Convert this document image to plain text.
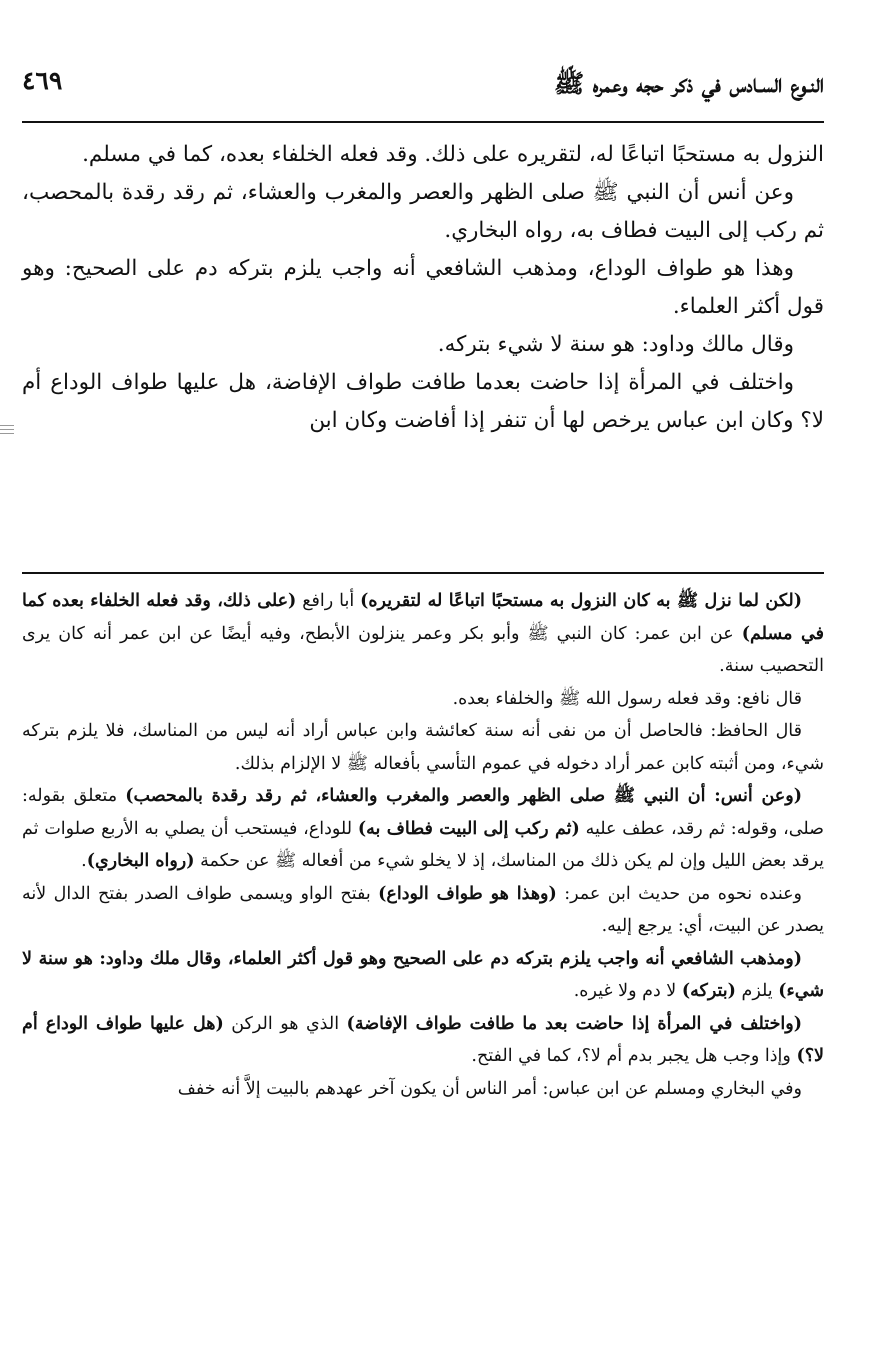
النـوع السـادس في ذكر حجه وعمره ﷺ
٤٦٩

النزول به مستحبًا اتباعًا له، لتقريره على ذلك. وقد فعله الخلفاء بعده، كما في مسلم.

وعن أنس أن النبي ﷺ صلى الظهر والعصر والمغرب والعشاء، ثم رقد رقدة بالمحصب، ثم ركب إلى البيت فطاف به، رواه البخاري.

وهذا هو طواف الوداع، ومذهب الشافعي أنه واجب يلزم بتركه دم على الصحيح: وهو قول أكثر العلماء.

وقال مالك وداود: هو سنة لا شيء بتركه.

واختلف في المرأة إذا حاضت بعدما طافت طواف الإفاضة، هل عليها طواف الوداع أم لا؟ وكان ابن عباس يرخص لها أن تنفر إذا أفاضت وكان ابن

(لكن لما نزل ﷺ به كان النزول به مستحبًا اتباعًا له لتقريره) أبا رافع (على ذلك، وقد فعله الخلفاء بعده كما في مسلم) عن ابن عمر: كان النبي ﷺ وأبو بكر وعمر ينزلون الأبطح، وفيه أيضًا عن ابن عمر أنه كان يرى التحصيب سنة.

قال نافع: وقد فعله رسول الله ﷺ والخلفاء بعده.

قال الحافظ: فالحاصل أن من نفى أنه سنة كعائشة وابن عباس أراد أنه ليس من المناسك، فلا يلزم بتركه شيء، ومن أثبته كابن عمر أراد دخوله في عموم التأسي بأفعاله ﷺ لا الإلزام بذلك.

(وعن أنس: أن النبي ﷺ صلى الظهر والعصر والمغرب والعشاء، ثم رقد رقدة بالمحصب) متعلق بقوله: صلى، وقوله: ثم رقد، عطف عليه (ثم ركب إلى البيت فطاف به) للوداع، فيستحب أن يصلي به الأربع صلوات ثم يرقد بعض الليل وإن لم يكن ذلك من المناسك، إذ لا يخلو شيء من أفعاله ﷺ عن حكمة (رواه البخاري).

وعنده نحوه من حديث ابن عمر: (وهذا هو طواف الوداع) بفتح الواو ويسمى طواف الصدر بفتح الدال لأنه يصدر عن البيت، أي: يرجع إليه.

(ومذهب الشافعي أنه واجب يلزم بتركه دم على الصحيح وهو قول أكثر العلماء، وقال ملك وداود: هو سنة لا شيء) يلزم (بتركه) لا دم ولا غيره.

(واختلف في المرأة إذا حاضت بعد ما طافت طواف الإفاضة) الذي هو الركن (هل عليها طواف الوداع أم لا؟) وإذا وجب هل يجبر بدم أم لا؟، كما في الفتح.

وفي البخاري ومسلم عن ابن عباس: أمر الناس أن يكون آخر عهدهم بالبيت إلاَّ أنه خفف
